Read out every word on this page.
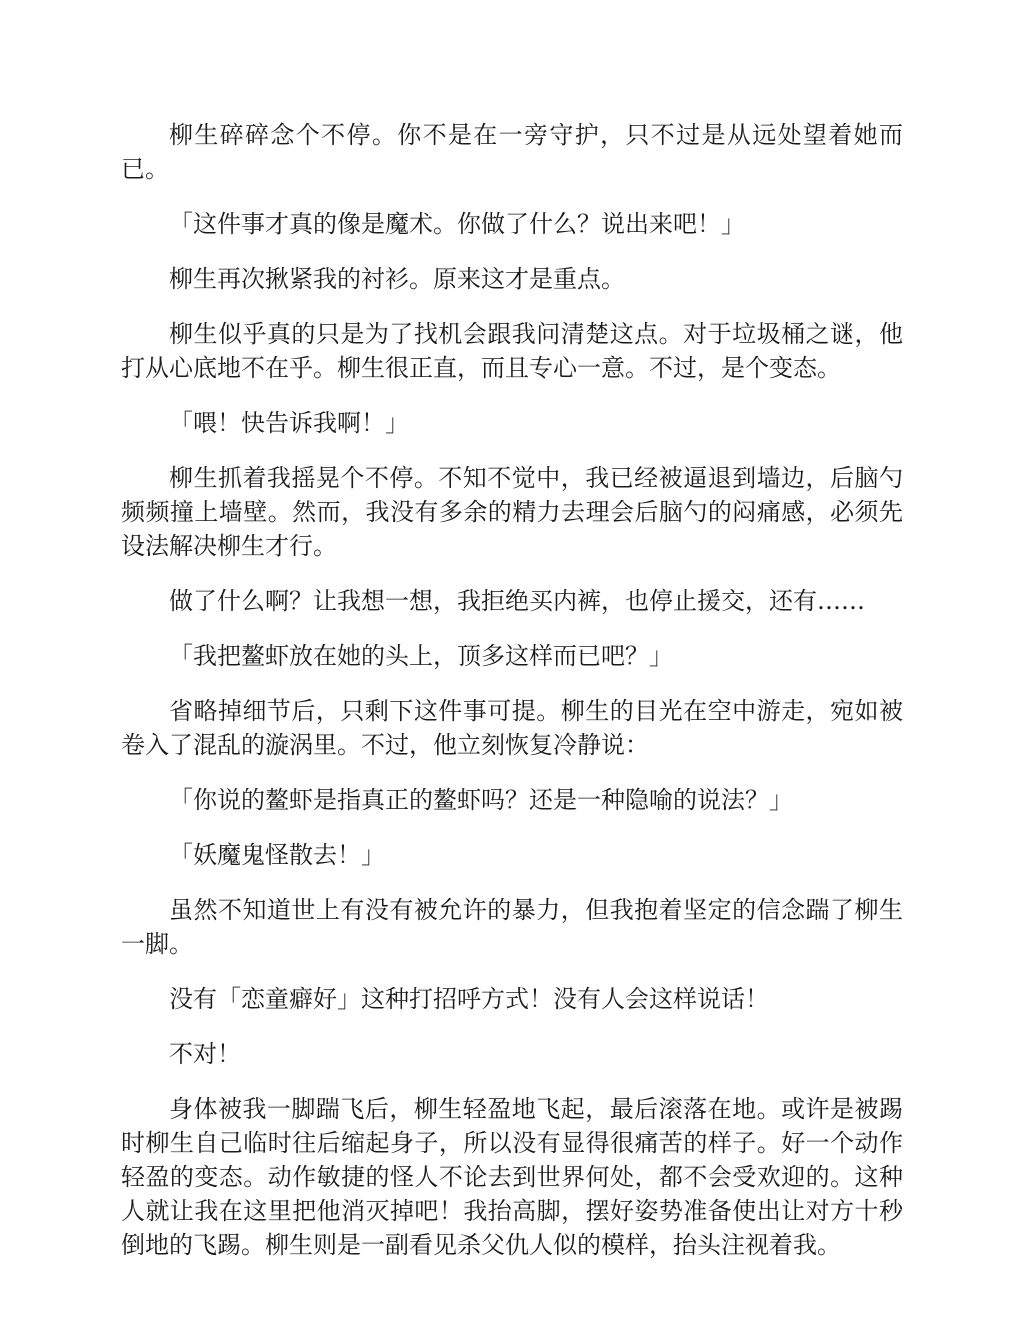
柳生碎碎念个不停。你不是在一旁守护，只不过是从远处望着她而已。

「这件事才真的像是魔术。你做了什么？说出来吧！」

柳生再次揪紧我的衬衫。原来这才是重点。

柳生似乎真的只是为了找机会跟我问清楚这点。对于垃圾桶之谜，他打从心底地不在乎。柳生很正直，而且专心一意。不过，是个变态。

「喂！快告诉我啊！」

柳生抓着我摇晃个不停。不知不觉中，我已经被逼退到墙边，后脑勺频频撞上墙壁。然而，我没有多余的精力去理会后脑勺的闷痛感，必须先设法解决柳生才行。

做了什么啊？让我想一想，我拒绝买内裤，也停止援交，还有……

「我把鳌虾放在她的头上，顶多这样而已吧？」

省略掉细节后，只剩下这件事可提。柳生的目光在空中游走，宛如被卷入了混乱的漩涡里。不过，他立刻恢复冷静说：

「你说的鳌虾是指真正的鳌虾吗？还是一种隐喻的说法？」

「妖魔鬼怪散去！」

虽然不知道世上有没有被允许的暴力，但我抱着坚定的信念踹了柳生一脚。

没有「恋童癖好」这种打招呼方式！没有人会这样说话！

不对！

身体被我一脚踹飞后，柳生轻盈地飞起，最后滚落在地。或许是被踢时柳生自己临时往后缩起身子，所以没有显得很痛苦的样子。好一个动作轻盈的变态。动作敏捷的怪人不论去到世界何处，都不会受欢迎的。这种人就让我在这里把他消灭掉吧！我抬高脚，摆好姿势准备使出让对方十秒倒地的飞踢。柳生则是一副看见杀父仇人似的模样，抬头注视着我。
